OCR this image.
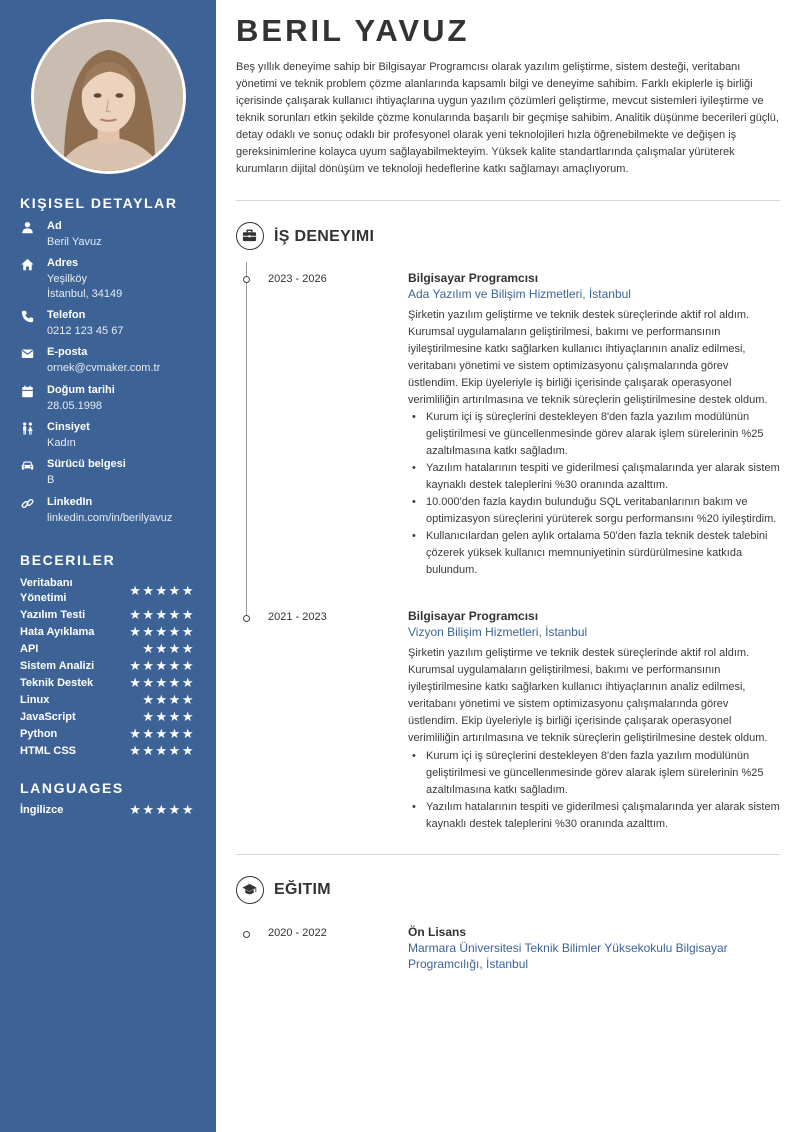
KIŞISEL DETAYLAR
Ad
Beril Yavuz
Adres
Yeşilköy
İstanbul, 34149
Telefon
0212 123 45 67
E-posta
ornek@cvmaker.com.tr
Doğum tarihi
28.05.1998
Cinsiyet
Kadın
Sürücü belgesi
B
LinkedIn
linkedin.com/in/berilyavuz
BECERILER
Veritabanı Yönetimi	★★★★★
Yazılım Testi	★★★★★
Hata Ayıklama	★★★★★
API	★★★★
Sistem Analizi	★★★★★
Teknik Destek	★★★★★
Linux	★★★★
JavaScript	★★★★
Python	★★★★★
HTML CSS	★★★★★
LANGUAGES
İngilizce	★★★★★
BERIL YAVUZ
Beş yıllık deneyime sahip bir Bilgisayar Programcısı olarak yazılım geliştirme, sistem desteği, veritabanı yönetimi ve teknik problem çözme alanlarında kapsamlı bilgi ve deneyime sahibim. Farklı ekiplerle iş birliği içerisinde çalışarak kullanıcı ihtiyaçlarına uygun yazılım çözümleri geliştirme, mevcut sistemleri iyileştirme ve teknik sorunları etkin şekilde çözme konularında başarılı bir geçmişe sahibim. Analitik düşünme becerileri güçlü, detay odaklı ve sonuç odaklı bir profesyonel olarak yeni teknolojileri hızla öğrenebilmekte ve değişen iş gereksinimlerine kolayca uyum sağlayabilmekteyim. Yüksek kalite standartlarında çalışmalar yürüterek kurumların dijital dönüşüm ve teknoloji hedeflerine katkı sağlamayı amaçlıyorum.
İŞ DENEYIMI
2023 - 2026	Bilgisayar Programcısı
Ada Yazılım ve Bilişim Hizmetleri, İstanbul
Şirketin yazılım geliştirme ve teknik destek süreçlerinde aktif rol aldım. Kurumsal uygulamaların geliştirilmesi, bakımı ve performansının iyileştirilmesine katkı sağlarken kullanıcı ihtiyaçlarının analiz edilmesi, veritabanı yönetimi ve sistem optimizasyonu çalışmalarında görev üstlendim. Ekip üyeleriyle iş birliği içerisinde çalışarak operasyonel verimliliğin artırılmasına ve teknik süreçlerin geliştirilmesine destek oldum.
• Kurum içi iş süreçlerini destekleyen 8'den fazla yazılım modülünün geliştirilmesi ve güncellenmesinde görev alarak işlem sürelerinin %25 azaltılmasına katkı sağladım.
• Yazılım hatalarının tespiti ve giderilmesi çalışmalarında yer alarak sistem kaynaklı destek taleplerini %30 oranında azalttım.
• 10.000'den fazla kaydın bulunduğu SQL veritabanlarının bakım ve optimizasyon süreçlerini yürüterek sorgu performansını %20 iyileştirdim.
• Kullanıcılardan gelen aylık ortalama 50'den fazla teknik destek talebini çözerek yüksek kullanıcı memnuniyetinin sürdürülmesine katkıda bulundum.
2021 - 2023	Bilgisayar Programcısı
Vizyon Bilişim Hizmetleri, İstanbul
Şirketin yazılım geliştirme ve teknik destek süreçlerinde aktif rol aldım. Kurumsal uygulamaların geliştirilmesi, bakımı ve performansının iyileştirilmesine katkı sağlarken kullanıcı ihtiyaçlarının analiz edilmesi, veritabanı yönetimi ve sistem optimizasyonu çalışmalarında görev üstlendim. Ekip üyeleriyle iş birliği içerisinde çalışarak operasyonel verimliliğin artırılmasına ve teknik süreçlerin geliştirilmesine destek oldum.
• Kurum içi iş süreçlerini destekleyen 8'den fazla yazılım modülünün geliştirilmesi ve güncellenmesinde görev alarak işlem sürelerinin %25 azaltılmasına katkı sağladım.
• Yazılım hatalarının tespiti ve giderilmesi çalışmalarında yer alarak sistem kaynaklı destek taleplerini %30 oranında azalttım.
EĞITIM
2020 - 2022	Ön Lisans
Marmara Üniversitesi Teknik Bilimler Yüksekokulu Bilgisayar Programcılığı, İstanbul
